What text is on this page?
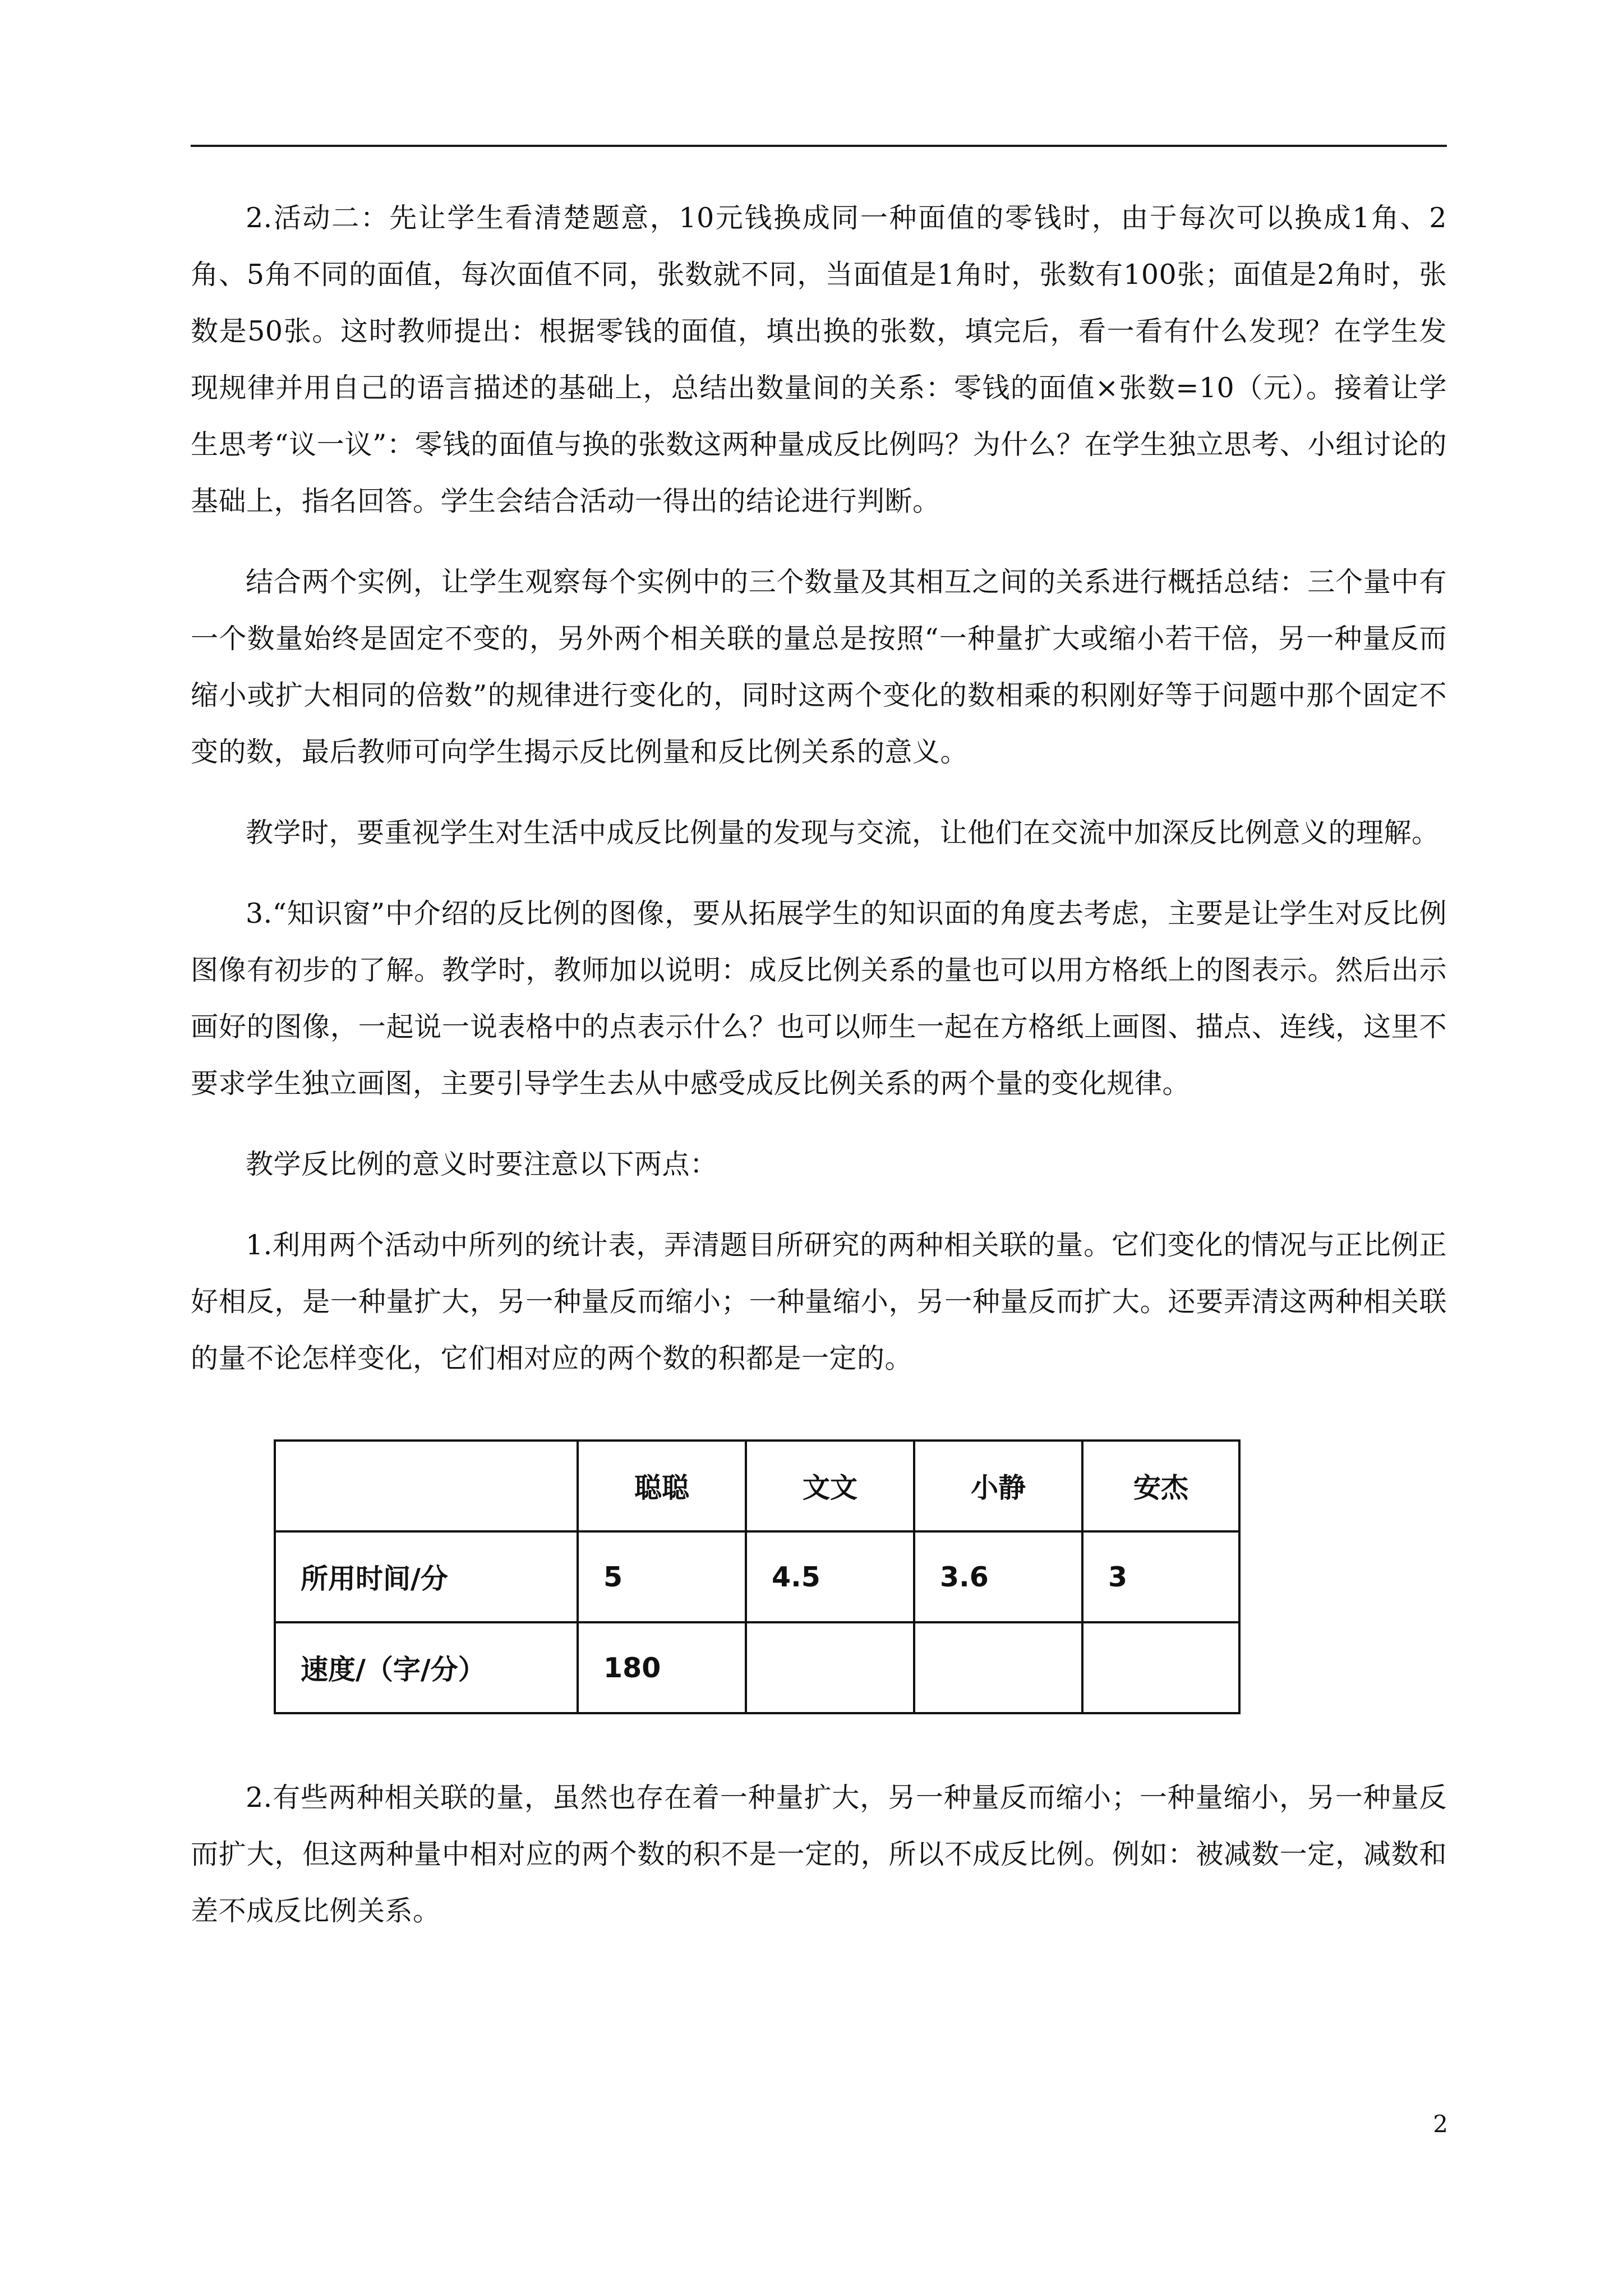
2.活动二：先让学生看清楚题意，10元钱换成同一种面值的零钱时，由于每次可以换成1角、2角、5角不同的面值，每次面值不同，张数就不同，当面值是1角时，张数有100张；面值是2角时，张数是50张。这时教师提出：根据零钱的面值，填出换的张数，填完后，看一看有什么发现？在学生发现规律并用自己的语言描述的基础上，总结出数量间的关系：零钱的面值×张数=10（元）。接着让学生思考“议一议”：零钱的面值与换的张数这两种量成反比例吗？为什么？在学生独立思考、小组讨论的基础上，指名回答。学生会结合活动一得出的结论进行判断。

结合两个实例，让学生观察每个实例中的三个数量及其相互之间的关系进行概括总结：三个量中有一个数量始终是固定不变的，另外两个相关联的量总是按照“一种量扩大或缩小若干倍，另一种量反而缩小或扩大相同的倍数”的规律进行变化的，同时这两个变化的数相乘的积刚好等于问题中那个固定不变的数，最后教师可向学生揭示反比例量和反比例关系的意义。

教学时，要重视学生对生活中成反比例量的发现与交流，让他们在交流中加深反比例意义的理解。

3.“知识窗”中介绍的反比例的图像，要从拓展学生的知识面的角度去考虑，主要是让学生对反比例图像有初步的了解。教学时，教师加以说明：成反比例关系的量也可以用方格纸上的图表示。然后出示画好的图像，一起说一说表格中的点表示什么？也可以师生一起在方格纸上画图、描点、连线，这里不要求学生独立画图，主要引导学生去从中感受成反比例关系的两个量的变化规律。

教学反比例的意义时要注意以下两点：

1.利用两个活动中所列的统计表，弄清题目所研究的两种相关联的量。它们变化的情况与正比例正好相反，是一种量扩大，另一种量反而缩小；一种量缩小，另一种量反而扩大。还要弄清这两种相关联的量不论怎样变化，它们相对应的两个数的积都是一定的。

	聪聪	文文	小静	安杰
所用时间/分	5	4.5	3.6	3
速度/（字/分）	180			

2.有些两种相关联的量，虽然也存在着一种量扩大，另一种量反而缩小；一种量缩小，另一种量反而扩大，但这两种量中相对应的两个数的积不是一定的，所以不成反比例。例如：被减数一定，减数和差不成反比例关系。

2
